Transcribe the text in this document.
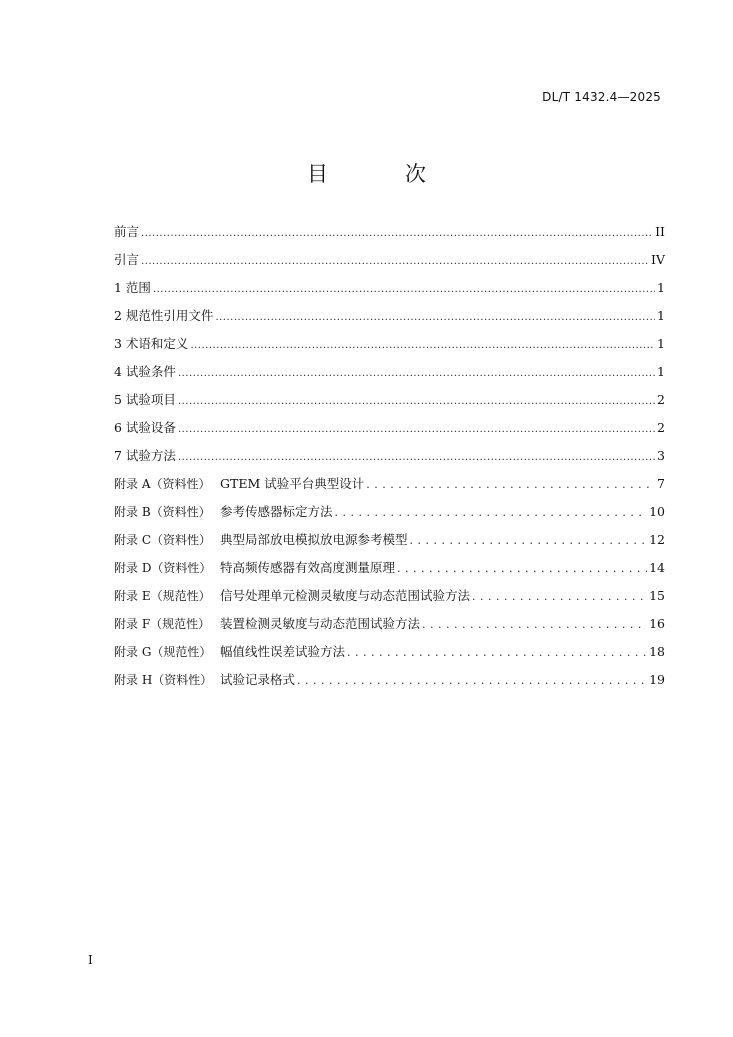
DL/T 1432.4—2025
目　次
前言 .....	II
引言 .....	IV
1 范围 .....	1
2 规范性引用文件 .....	1
3 术语和定义 .....	1
4 试验条件 .....	1
5 试验项目 .....	2
6 试验设备 .....	2
7 试验方法 .....	3
附录 A（资料性） GTEM 试验平台典型设计 .....	7
附录 B（资料性） 参考传感器标定方法 .....	10
附录 C（资料性） 典型局部放电模拟放电源参考模型 .....	12
附录 D（资料性） 特高频传感器有效高度测量原理 .....	14
附录 E（规范性） 信号处理单元检测灵敏度与动态范围试验方法 .....	15
附录 F（规范性） 装置检测灵敏度与动态范围试验方法 .....	16
附录 G（规范性） 幅值线性误差试验方法 .....	18
附录 H（资料性） 试验记录格式 .....	19
I
